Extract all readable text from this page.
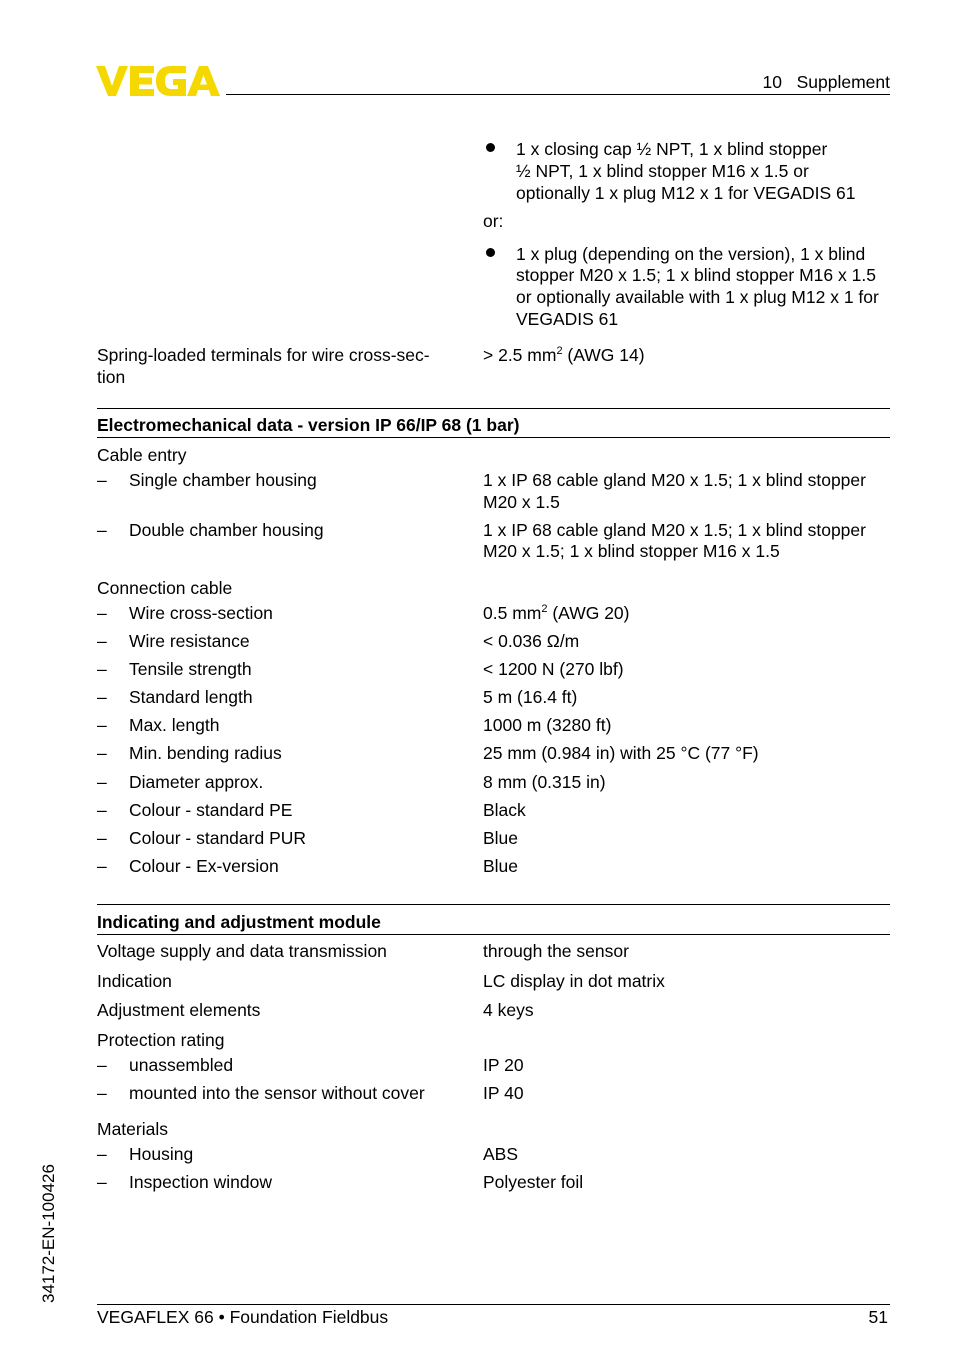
10   Supplement
1 x closing cap ½ NPT, 1 x blind stopper
½ NPT, 1 x blind stopper M16 x 1.5 or
optionally 1 x plug M12 x 1 for VEGADIS 61
or:
1 x plug (depending on the version), 1 x blind
stopper M20 x 1.5; 1 x blind stopper M16 x 1.5
or optionally available with 1 x plug M12 x 1 for
VEGADIS 61
Spring-loaded terminals for wire cross-sec-
tion
> 2.5 $mm^2$ (AWG 14)
Electromechanical data - version IP 66/IP 68 (1 bar)
Cable entry
–	Single chamber housing	1 x IP 68 cable gland M20 x 1.5; 1 x blind stopper
M20 x 1.5
–	Double chamber housing	1 x IP 68 cable gland M20 x 1.5; 1 x blind stopper
M20 x 1.5; 1 x blind stopper M16 x 1.5
Connection cable
–	Wire cross-section	0.5 $mm^2$ (AWG 20)
–	Wire resistance	< 0.036 Ω/m
–	Tensile strength	< 1200 N (270 lbf)
–	Standard length	5 m (16.4 ft)
–	Max. length	1000 m (3280 ft)
–	Min. bending radius	25 mm (0.984 in) with 25 °C (77 °F)
–	Diameter approx.	8 mm (0.315 in)
–	Colour - standard PE	Black
–	Colour - standard PUR	Blue
–	Colour - Ex-version	Blue
Indicating and adjustment module
Voltage supply and data transmission	through the sensor
Indication	LC display in dot matrix
Adjustment elements	4 keys
Protection rating
–	unassembled	IP 20
–	mounted into the sensor without cover	IP 40
Materials
–	Housing	ABS
–	Inspection window	Polyester foil
34172-EN-100426
VEGAFLEX 66 • Foundation Fieldbus	51
